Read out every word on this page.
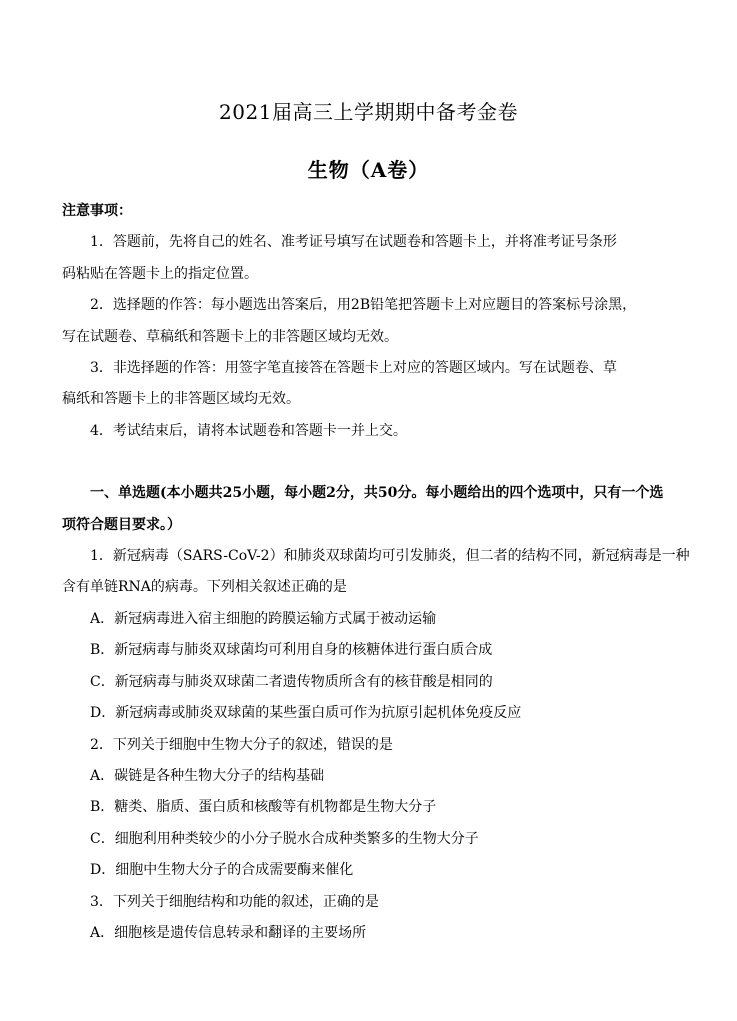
2021届高三上学期期中备考金卷
生物（A卷）
注意事项：
1．答题前，先将自己的姓名、准考证号填写在试题卷和答题卡上，并将准考证号条形
码粘贴在答题卡上的指定位置。
2．选择题的作答：每小题选出答案后，用2B铅笔把答题卡上对应题目的答案标号涂黑，
写在试题卷、草稿纸和答题卡上的非答题区域均无效。
3．非选择题的作答：用签字笔直接答在答题卡上对应的答题区域内。写在试题卷、草
稿纸和答题卡上的非答题区域均无效。
4．考试结束后，请将本试题卷和答题卡一并上交。
一、单选题(本小题共25小题，每小题2分，共50分。每小题给出的四个选项中，只有一个选
项符合题目要求。）
1．新冠病毒（SARS-CoV-2）和肺炎双球菌均可引发肺炎，但二者的结构不同，新冠病毒是一种
含有单链RNA的病毒。下列相关叙述正确的是
A．新冠病毒进入宿主细胞的跨膜运输方式属于被动运输
B．新冠病毒与肺炎双球菌均可利用自身的核糖体进行蛋白质合成
C．新冠病毒与肺炎双球菌二者遗传物质所含有的核苷酸是相同的
D．新冠病毒或肺炎双球菌的某些蛋白质可作为抗原引起机体免疫反应
2．下列关于细胞中生物大分子的叙述，错误的是
A．碳链是各种生物大分子的结构基础
B．糖类、脂质、蛋白质和核酸等有机物都是生物大分子
C．细胞利用种类较少的小分子脱水合成种类繁多的生物大分子
D．细胞中生物大分子的合成需要酶来催化
3．下列关于细胞结构和功能的叙述，正确的是
A．细胞核是遗传信息转录和翻译的主要场所
